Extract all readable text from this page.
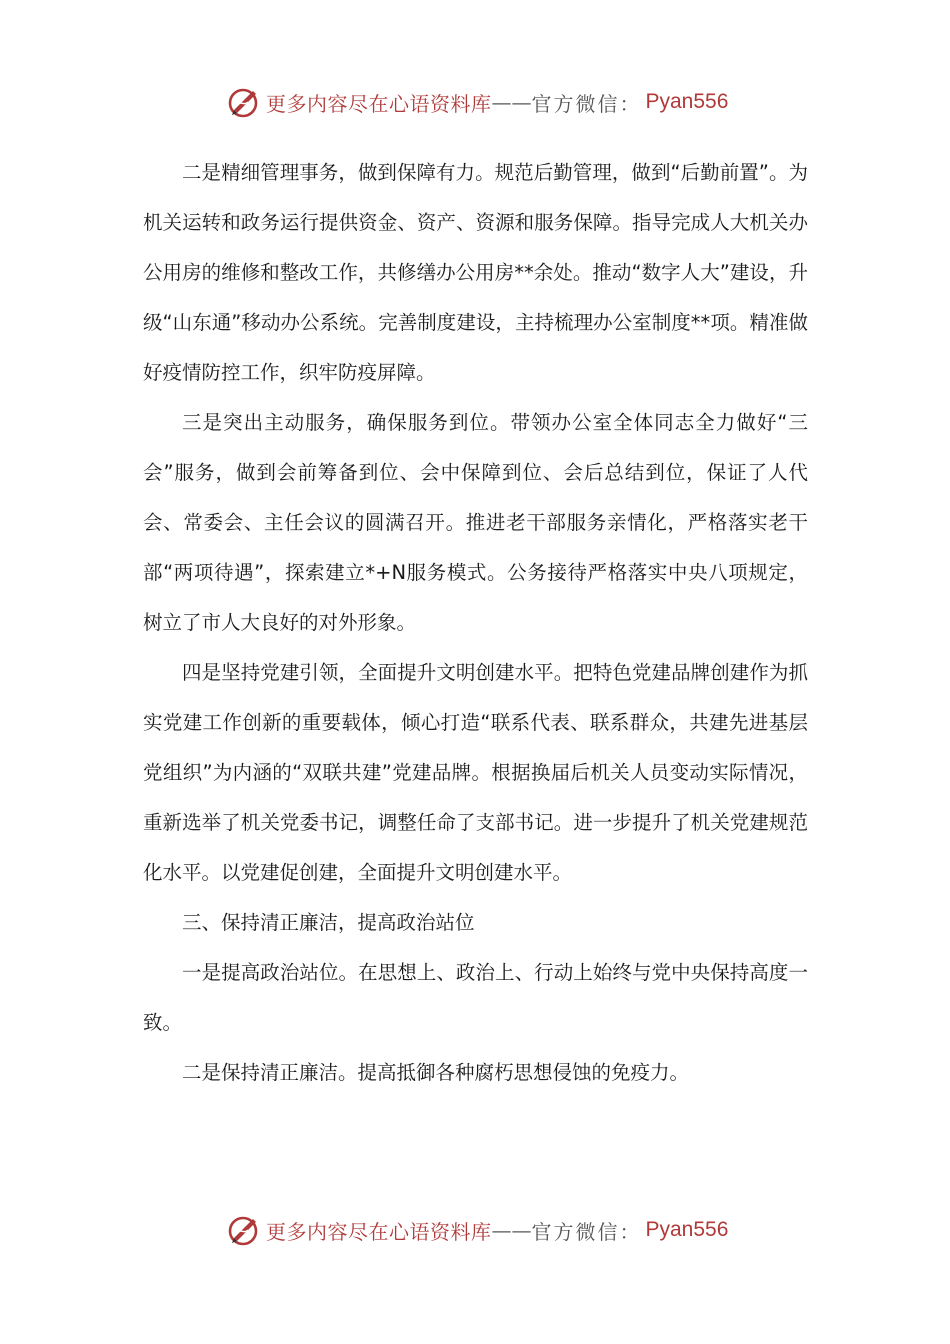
更多内容尽在心语资料库 —— 官方微信： Pyan556

二是精细管理事务，做到保障有力。规范后勤管理，做到“后勤前置”。为机关运转和政务运行提供资金、资产、资源和服务保障。指导完成人大机关办公用房的维修和整改工作，共修缮办公用房**余处。推动“数字人大”建设，升级“山东通”移动办公系统。完善制度建设，主持梳理办公室制度**项。精准做好疫情防控工作，织牢防疫屏障。

三是突出主动服务，确保服务到位。带领办公室全体同志全力做好“三会”服务，做到会前筹备到位、会中保障到位、会后总结到位，保证了人代会、常委会、主任会议的圆满召开。推进老干部服务亲情化，严格落实老干部“两项待遇”，探索建立*+N服务模式。公务接待严格落实中央八项规定，树立了市人大良好的对外形象。

四是坚持党建引领，全面提升文明创建水平。把特色党建品牌创建作为抓实党建工作创新的重要载体，倾心打造“联系代表、联系群众，共建先进基层党组织”为内涵的“双联共建”党建品牌。根据换届后机关人员变动实际情况，重新选举了机关党委书记，调整任命了支部书记。进一步提升了机关党建规范化水平。以党建促创建，全面提升文明创建水平。

三、保持清正廉洁，提高政治站位

一是提高政治站位。在思想上、政治上、行动上始终与党中央保持高度一致。

二是保持清正廉洁。提高抵御各种腐朽思想侵蚀的免疫力。

更多内容尽在心语资料库 —— 官方微信： Pyan556
